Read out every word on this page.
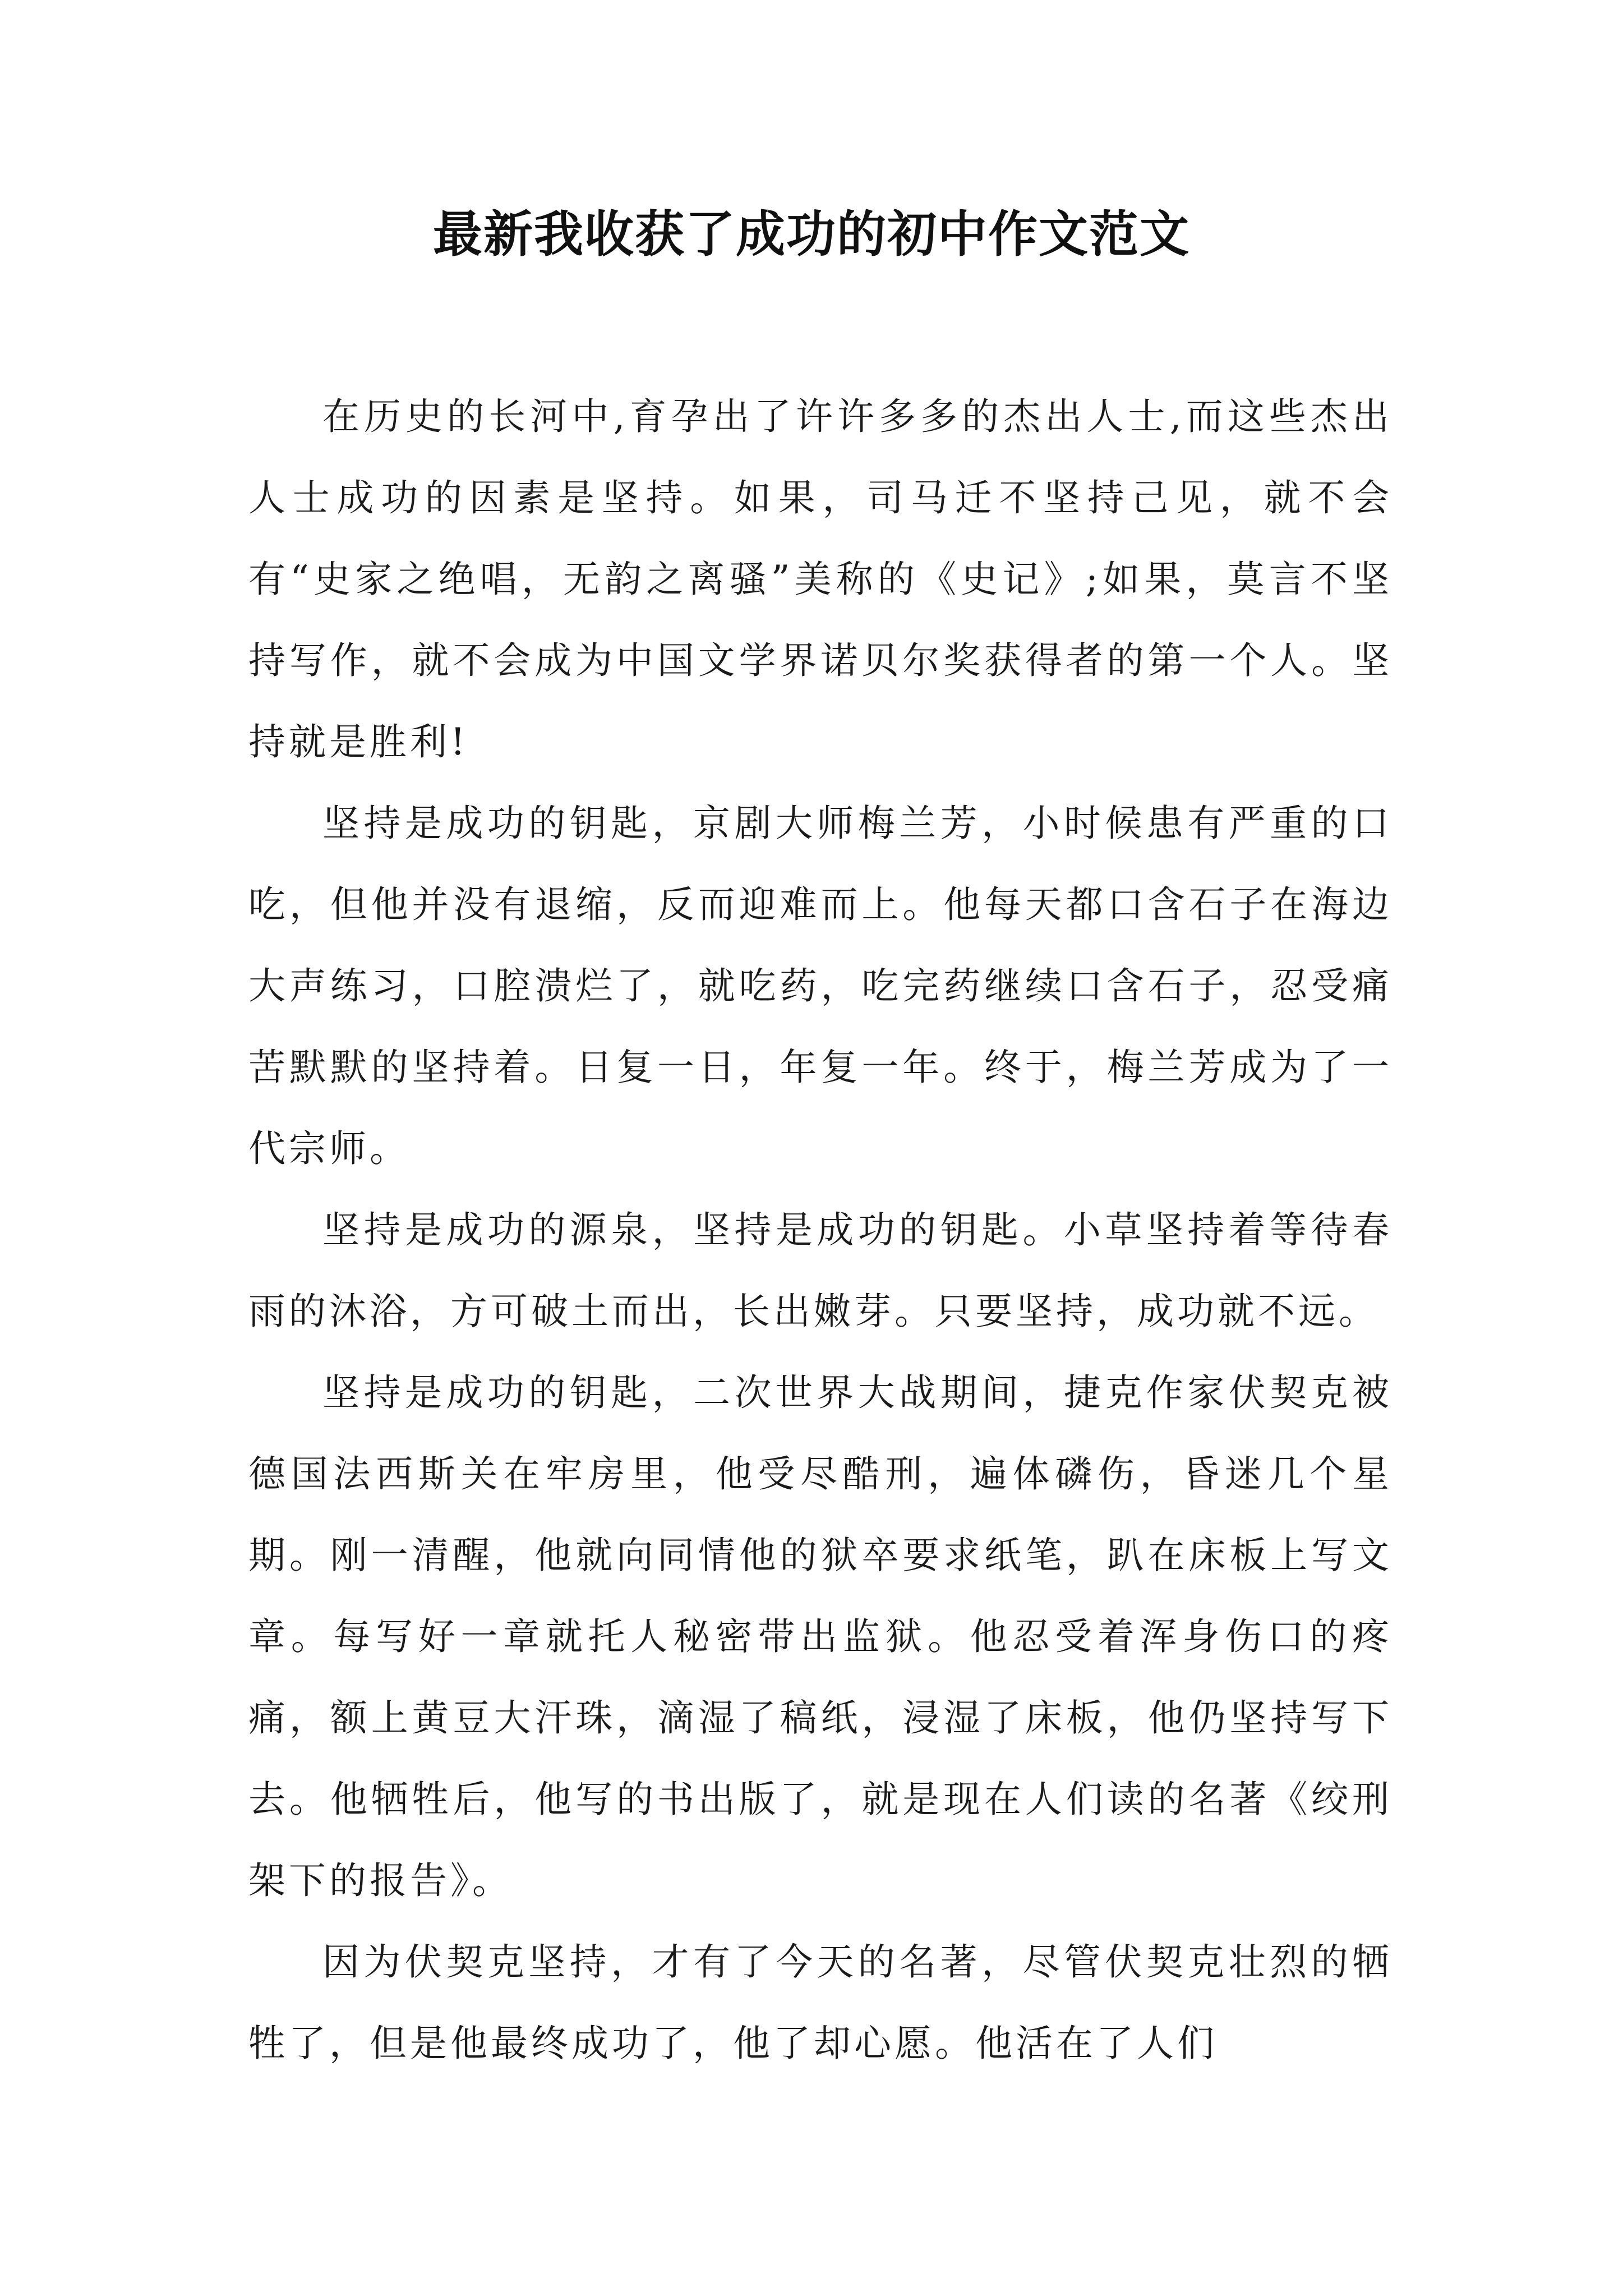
最新我收获了成功的初中作文范文

在历史的长河中,育孕出了许许多多的杰出人士,而这些杰出人士成功的因素是坚持。如果，司马迁不坚持己见，就不会有“史家之绝唱，无韵之离骚”美称的《史记》;如果，莫言不坚持写作，就不会成为中国文学界诺贝尔奖获得者的第一个人。坚持就是胜利!

坚持是成功的钥匙，京剧大师梅兰芳，小时候患有严重的口吃，但他并没有退缩，反而迎难而上。他每天都口含石子在海边大声练习，口腔溃烂了，就吃药，吃完药继续口含石子，忍受痛苦默默的坚持着。日复一日，年复一年。终于，梅兰芳成为了一代宗师。

坚持是成功的源泉，坚持是成功的钥匙。小草坚持着等待春雨的沐浴，方可破土而出，长出嫩芽。只要坚持，成功就不远。

坚持是成功的钥匙，二次世界大战期间，捷克作家伏契克被德国法西斯关在牢房里，他受尽酷刑，遍体磷伤，昏迷几个星期。刚一清醒，他就向同情他的狱卒要求纸笔，趴在床板上写文章。每写好一章就托人秘密带出监狱。他忍受着浑身伤口的疼痛，额上黄豆大汗珠，滴湿了稿纸，浸湿了床板，他仍坚持写下去。他牺牲后，他写的书出版了，就是现在人们读的名著《绞刑架下的报告》。

因为伏契克坚持，才有了今天的名著，尽管伏契克壮烈的牺牲了，但是他最终成功了，他了却心愿。他活在了人们
